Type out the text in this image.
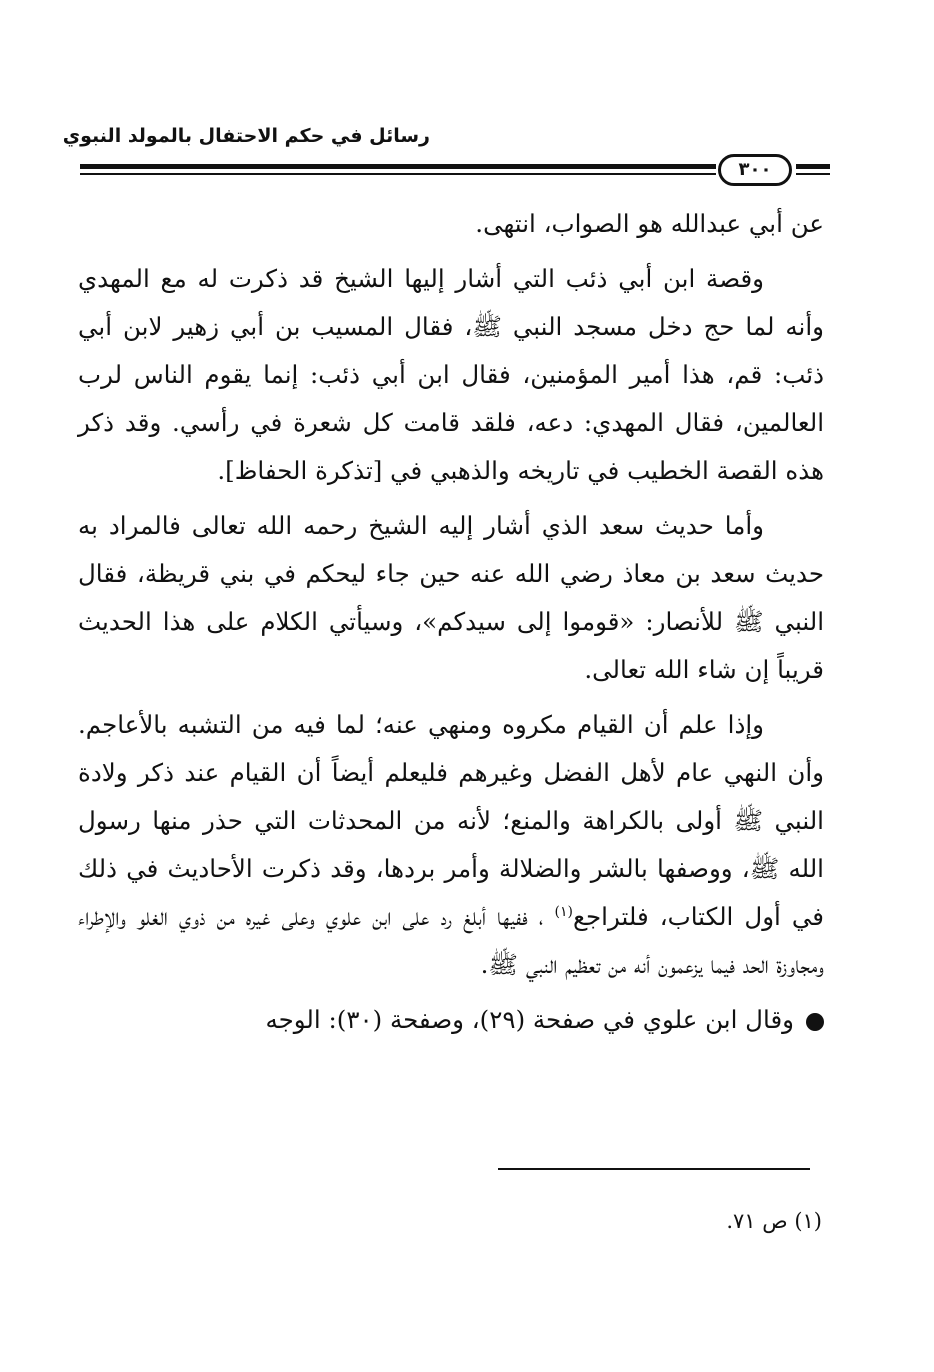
رسائل في حكم الاحتفال بالمولد النبوي
٣٠٠

عن أبي عبدالله هو الصواب، انتهى.

وقصة ابن أبي ذئب التي أشار إليها الشيخ قد ذكرت له مع المهدي وأنه لما حج دخل مسجد النبي ﷺ، فقال المسيب بن أبي زهير لابن أبي ذئب: قم، هذا أمير المؤمنين، فقال ابن أبي ذئب: إنما يقوم الناس لرب العالمين، فقال المهدي: دعه، فلقد قامت كل شعرة في رأسي. وقد ذكر هذه القصة الخطيب في تاريخه والذهبي في [تذكرة الحفاظ].

وأما حديث سعد الذي أشار إليه الشيخ رحمه الله تعالى فالمراد به حديث سعد بن معاذ رضي الله عنه حين جاء ليحكم في بني قريظة، فقال النبي ﷺ للأنصار: «قوموا إلى سيدكم»، وسيأتي الكلام على هذا الحديث قريباً إن شاء الله تعالى.

وإذا علم أن القيام مكروه ومنهي عنه؛ لما فيه من التشبه بالأعاجم. وأن النهي عام لأهل الفضل وغيرهم فليعلم أيضاً أن القيام عند ذكر ولادة النبي ﷺ أولى بالكراهة والمنع؛ لأنه من المحدثات التي حذر منها رسول الله ﷺ، ووصفها بالشر والضلالة وأمر بردها، وقد ذكرت الأحاديث في ذلك في أول الكتاب، فلتراجع$^{(١)}$ ، ففيها أبلغ رد على ابن علوي وعلى غيره من ذوي الغلو والإطراء ومجاوزة الحد فيما يزعمون أنه من تعظيم النبي ﷺ.

وقال ابن علوي في صفحة (٢٩)، وصفحة (٣٠): الوجه

(١) ص ٧١.
